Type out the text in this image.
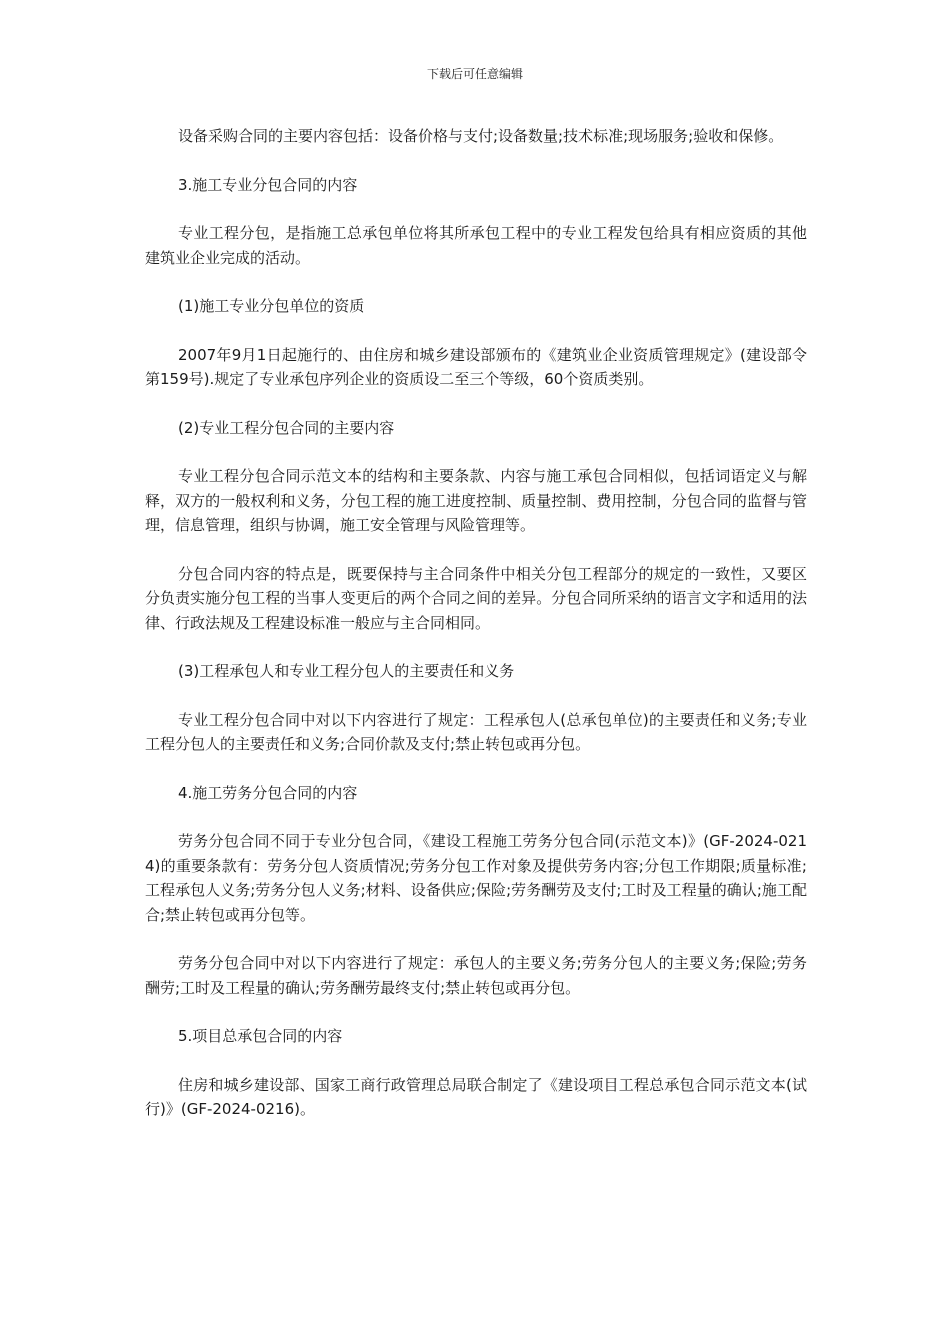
下载后可任意编辑

设备采购合同的主要内容包括：设备价格与支付;设备数量;技术标准;现场服务;验收和保修。

3.施工专业分包合同的内容

专业工程分包，是指施工总承包单位将其所承包工程中的专业工程发包给具有相应资质的其他建筑业企业完成的活动。

(1)施工专业分包单位的资质

2007年9月1日起施行的、由住房和城乡建设部颁布的《建筑业企业资质管理规定》(建设部令第159号).规定了专业承包序列企业的资质设二至三个等级，60个资质类别。

(2)专业工程分包合同的主要内容

专业工程分包合同示范文本的结构和主要条款、内容与施工承包合同相似，包括词语定义与解释，双方的一般权利和义务，分包工程的施工进度控制、质量控制、费用控制，分包合同的监督与管理，信息管理，组织与协调，施工安全管理与风险管理等。

分包合同内容的特点是，既要保持与主合同条件中相关分包工程部分的规定的一致性，又要区分负责实施分包工程的当事人变更后的两个合同之间的差异。分包合同所采纳的语言文字和适用的法律、行政法规及工程建设标准一般应与主合同相同。

(3)工程承包人和专业工程分包人的主要责任和义务

专业工程分包合同中对以下内容进行了规定：工程承包人(总承包单位)的主要责任和义务;专业工程分包人的主要责任和义务;合同价款及支付;禁止转包或再分包。

4.施工劳务分包合同的内容

劳务分包合同不同于专业分包合同，《建设工程施工劳务分包合同(示范文本)》(GF-2024-0214)的重要条款有：劳务分包人资质情况;劳务分包工作对象及提供劳务内容;分包工作期限;质量标准;工程承包人义务;劳务分包人义务;材料、设备供应;保险;劳务酬劳及支付;工时及工程量的确认;施工配合;禁止转包或再分包等。

劳务分包合同中对以下内容进行了规定：承包人的主要义务;劳务分包人的主要义务;保险;劳务酬劳;工时及工程量的确认;劳务酬劳最终支付;禁止转包或再分包。

5.项目总承包合同的内容

住房和城乡建设部、国家工商行政管理总局联合制定了《建设项目工程总承包合同示范文本(试行)》(GF-2024-0216)。
